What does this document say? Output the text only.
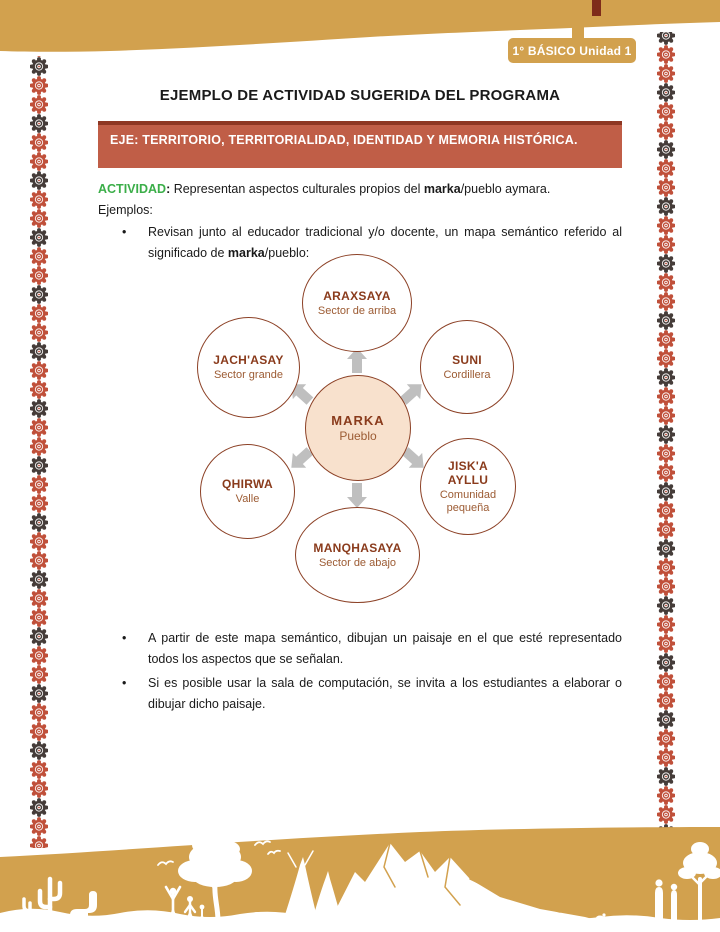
1° BÁSICO Unidad 1
EJEMPLO DE ACTIVIDAD SUGERIDA DEL PROGRAMA
EJE: TERRITORIO, TERRITORIALIDAD, IDENTIDAD Y MEMORIA HISTÓRICA.
ACTIVIDAD: Representan aspectos culturales propios del marka/pueblo aymara.
Ejemplos:
• Revisan junto al educador tradicional y/o docente, un mapa semántico referido al significado de marka/pueblo:
ARAXSAYA
Sector de arriba
SUNI
Cordillera
JACH'ASAY
Sector grande
MARKA
Pueblo
QHIRWA
Valle
JISK'A AYLLU
Comunidad pequeña
MANQHASAYA
Sector de abajo
• A partir de este mapa semántico, dibujan un paisaje en el que esté representado todos los aspectos que se señalan.
• Si es posible usar la sala de computación, se invita a los estudiantes a elaborar o dibujar dicho paisaje.
